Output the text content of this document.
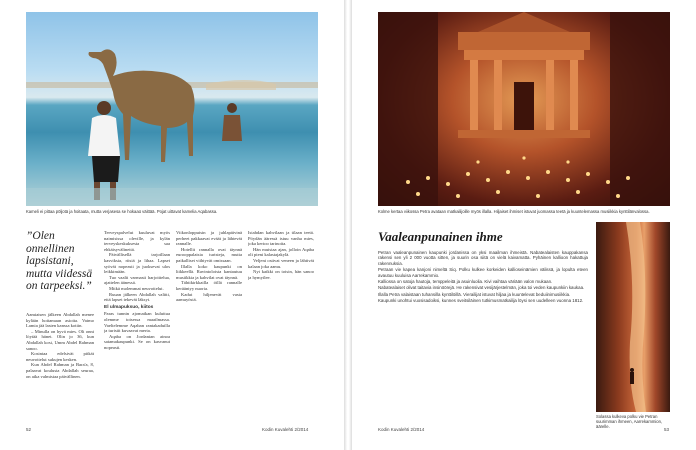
Kameli ei pittaa pöljotä ja hoitaata, mutta verjasesa se hokaaü väittää. Pojat uittavat kamelia Aqabassa.	Kolme kertaa viikossa Petra avataan matkailijoille myös illalla. Hiljaiset ihmiset istuvat juomassa teetä ja kuuntelemassa musiikkia kynttilänvalossa.
”Olen onnellinen lapsistani, mutta viidessä on tarpeeksi.”

Aamiaisen jälkeen Abdallah menee kylään hoitamaan asioita. Vaimo Lamia jää lasten kanssa kotiin.

– Minulla on hyvä mies. Oli onni löytää hänet. Olin jo 36, kun Abdallah kosi, Umm Abdel Rahman sanoo.

Kosintaa edelsivät pitkät neuvottelut sukujen kesken.

Kun Abdel Rahman ja Bara'a, 8, palaavat koulusta Abdallah seuraa, on aika valmistaa päivällinen.

Terveyspalvelut kuuluvat myös naimisissa oleville, ja kylän terveyskeskuksesta saa ehkäisyvälineitä.

Päivällisellä tarjoillaan kasviksia, riisiä ja lihaa. Lapset syövät nopeasti ja juoksevat ulos leikkimään.

Tuo vaalii varmasti harjoittelua, ajattelen äänessä.

Mitkä molemmat neuvottelut.

Ruuan jälkeen Abdallah valitti, että lapset tekevät läksyt.

El ulmapuksuo, kiitos

Paras tunnin ajomatkan kuluttua olemme toisessa maailmassa. Vaeltelemme Aqaban rantakaduilla ja turistit kuvaavat merta.

Aqaba on Jordanian ainoa satamakaupunki. Se on kasvanut nopeasti.

Viikonloppuisin ja juhlapäivinä perheet pakkaavat eväät ja lähtevät rannalle.

Hotellit rannalla ovat täynnä eurooppalaisia turisteja, mutta paikalliset viihtyvät omissaan.

Illalla koko kaupunki on liikkeellä. Ravintoloista kantautuu musiikkia ja kahvilat ovat täynnä.

Tähtikirkkailla öillä rannalle kerääntyy nuoria.

Kadut hiljenevät vasta aamuyöstä.

Istahdan kahvilaan ja tilaan teetä. Pöydän ääressä istuu vanha mies, joka kertoo tarinoita.

Hän muistaa ajan, jolloin Aqaba oli pieni kalastajakylä.

Veljeni ostivat veneen ja lähtivät kalaan joka aamu.

Nyt kaikki on toisin, hän sanoo ja hymyilee.

52	Kodin Kuvalehti 2/2014
Vaaleanpunainen ihme

Petran vaaleanpunainen kaupunki jordanissa on yksi maailman ihmeistä. Nabatealaisten kauppakansa rakensi sen yli 2 000 vuotta sitten, ja suurin osa siitä on vielä kaivamatta. Pyhäinen kallioon hakattuja rakennuksia.

Petraan vie kapea kanjoni nimeltä Siq. Polku kulkee korkeiden kallioseinämien välissä, ja lopulta eteen avautuu kuuluisa Aarrekammio.

Kalliossa on satoja hautoja, temppeleitä ja asuinluolia. Kivi vaihtaa väriään valon mukaan.

Nabatealaiset olivat taitavia insinöörejä. He rakensivat vesijärjestelmän, joka toi veden kaupunkiin kaukaa.

Illalla Petra valaistaan tuhansilla kynttilöillä. Vierailijat istuvat hiljaa ja kuuntelevat beduiinimusiikkia.

Kaupunki unohtui vuosisadoiksi, kunnes sveitsiläinen tutkimusmatkailija löysi sen uudelleen vuonna 1812.

Solassa kulkeva polku vie Petran suurimman ihmeen, Aarrekammion, äärelle.
Kodin Kuvalehti 2/2014	53
